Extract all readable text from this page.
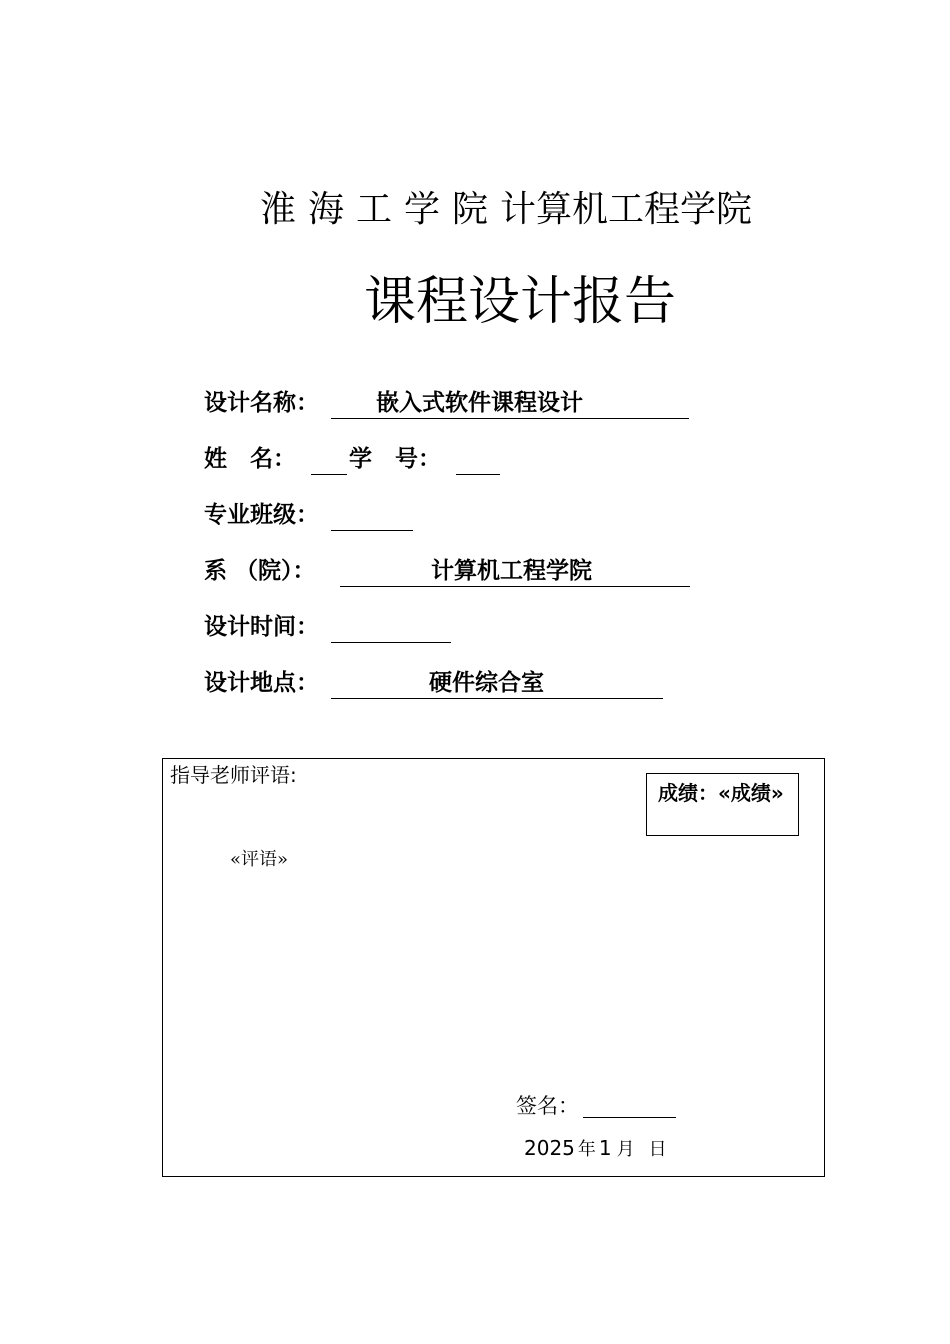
淮海工学院计算机工程学院
课程设计报告
设计名称： 嵌入式软件课程设计
姓　名： 学　号：
专业班级：
系 （院）：	计算机工程学院
设计时间：
设计地点：	硬件综合室
指导老师评语:
成绩：«成绩»
«评语»
签名：
2025 年 1 月 日
